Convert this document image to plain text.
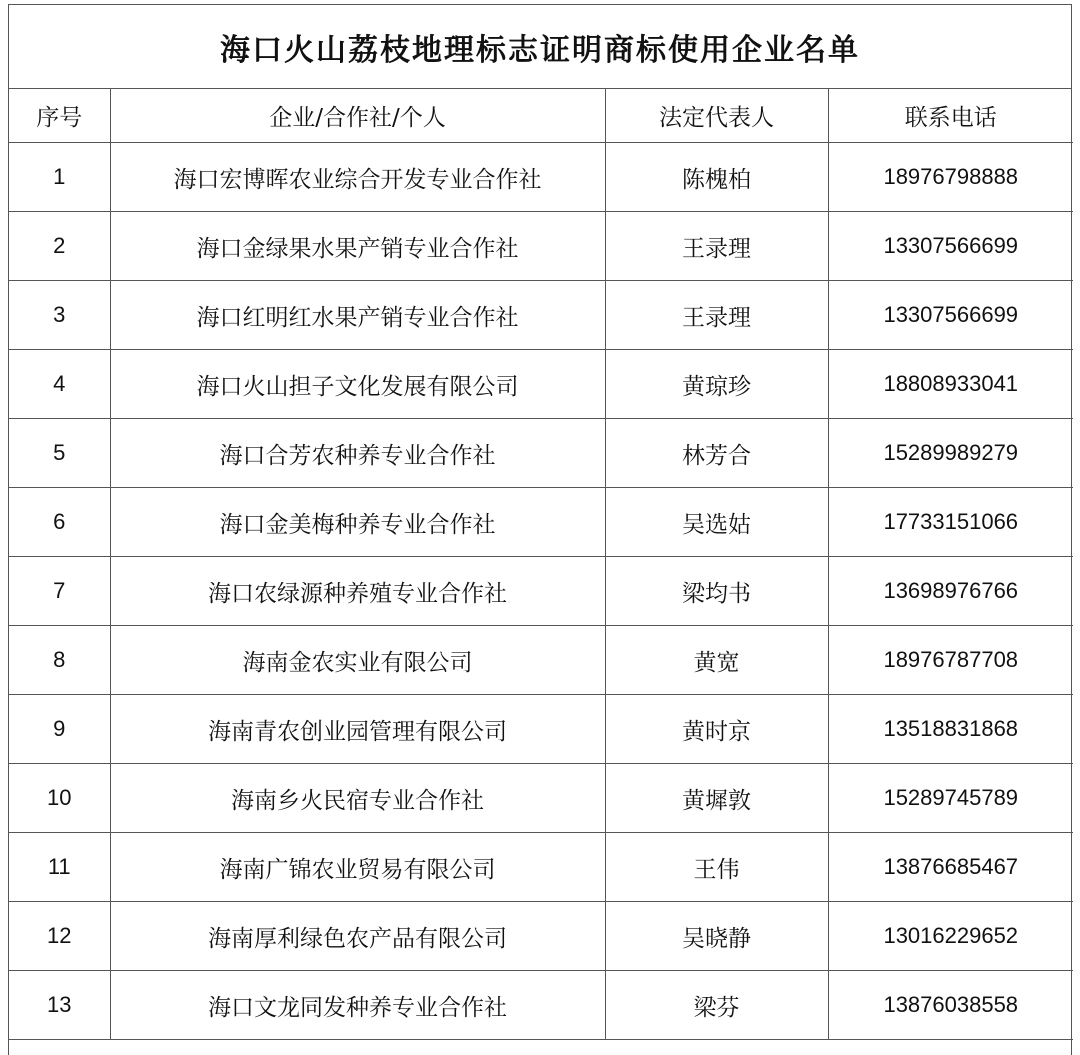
海口火山荔枝地理标志证明商标使用企业名单
序号	企业/合作社/个人	法定代表人	联系电话
1	海口宏博晖农业综合开发专业合作社	陈槐柏	18976798888
2	海口金绿果水果产销专业合作社	王录理	13307566699
3	海口红明红水果产销专业合作社	王录理	13307566699
4	海口火山担子文化发展有限公司	黄琼珍	18808933041
5	海口合芳农种养专业合作社	林芳合	15289989279
6	海口金美梅种养专业合作社	吴选姑	17733151066
7	海口农绿源种养殖专业合作社	梁均书	13698976766
8	海南金农实业有限公司	黄宽	18976787708
9	海南青农创业园管理有限公司	黄时京	13518831868
10	海南乡火民宿专业合作社	黄墀敦	15289745789
11	海南广锦农业贸易有限公司	王伟	13876685467
12	海南厚利绿色农产品有限公司	吴晓静	13016229652
13	海口文龙同发种养专业合作社	梁芬	13876038558
